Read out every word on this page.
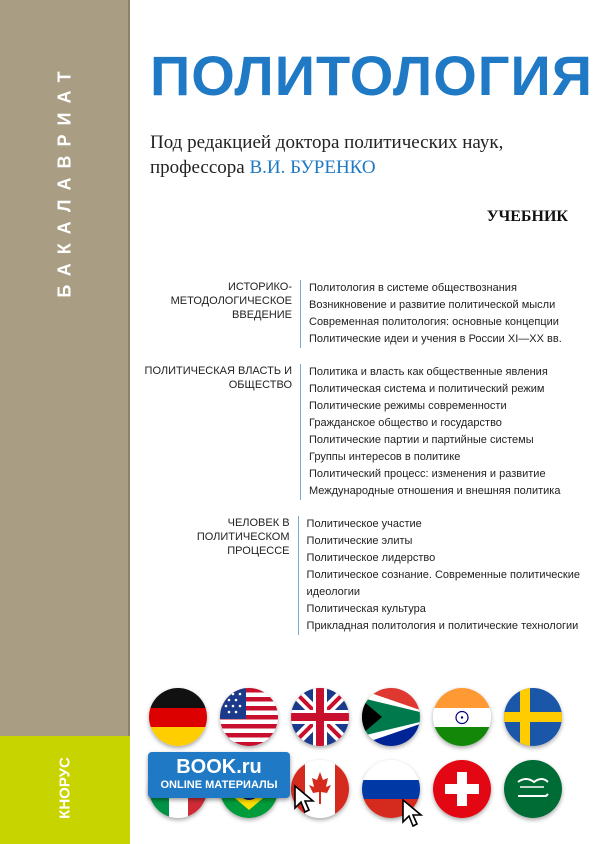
БАКАЛАВРИАТ
КНОРУС
ПОЛИТОЛОГИЯ
Под редакцией доктора политических наук, профессора В.И. БУРЕНКО
УЧЕБНИК
ИСТОРИКО-МЕТОДОЛОГИЧЕСКОЕ ВВЕДЕНИЕ
Политология в системе обществознания
Возникновение и развитие политической мысли
Современная политология: основные концепции
Политические идеи и учения в России XI—XX вв.
ПОЛИТИЧЕСКАЯ ВЛАСТЬ И ОБЩЕСТВО
Политика и власть как общественные явления
Политическая система и политический режим
Политические режимы современности
Гражданское общество и государство
Политические партии и партийные системы
Группы интересов в политике
Политический процесс: изменения и развитие
Международные отношения и внешняя политика
ЧЕЛОВЕК В ПОЛИТИЧЕСКОМ ПРОЦЕССЕ
Политическое участие
Политические элиты
Политическое лидерство
Политическое сознание. Современные политические
идеологии
Политическая культура
Прикладная политология и политические технологии
BOOK.ru
ONLINE МАТЕРИАЛЫ
